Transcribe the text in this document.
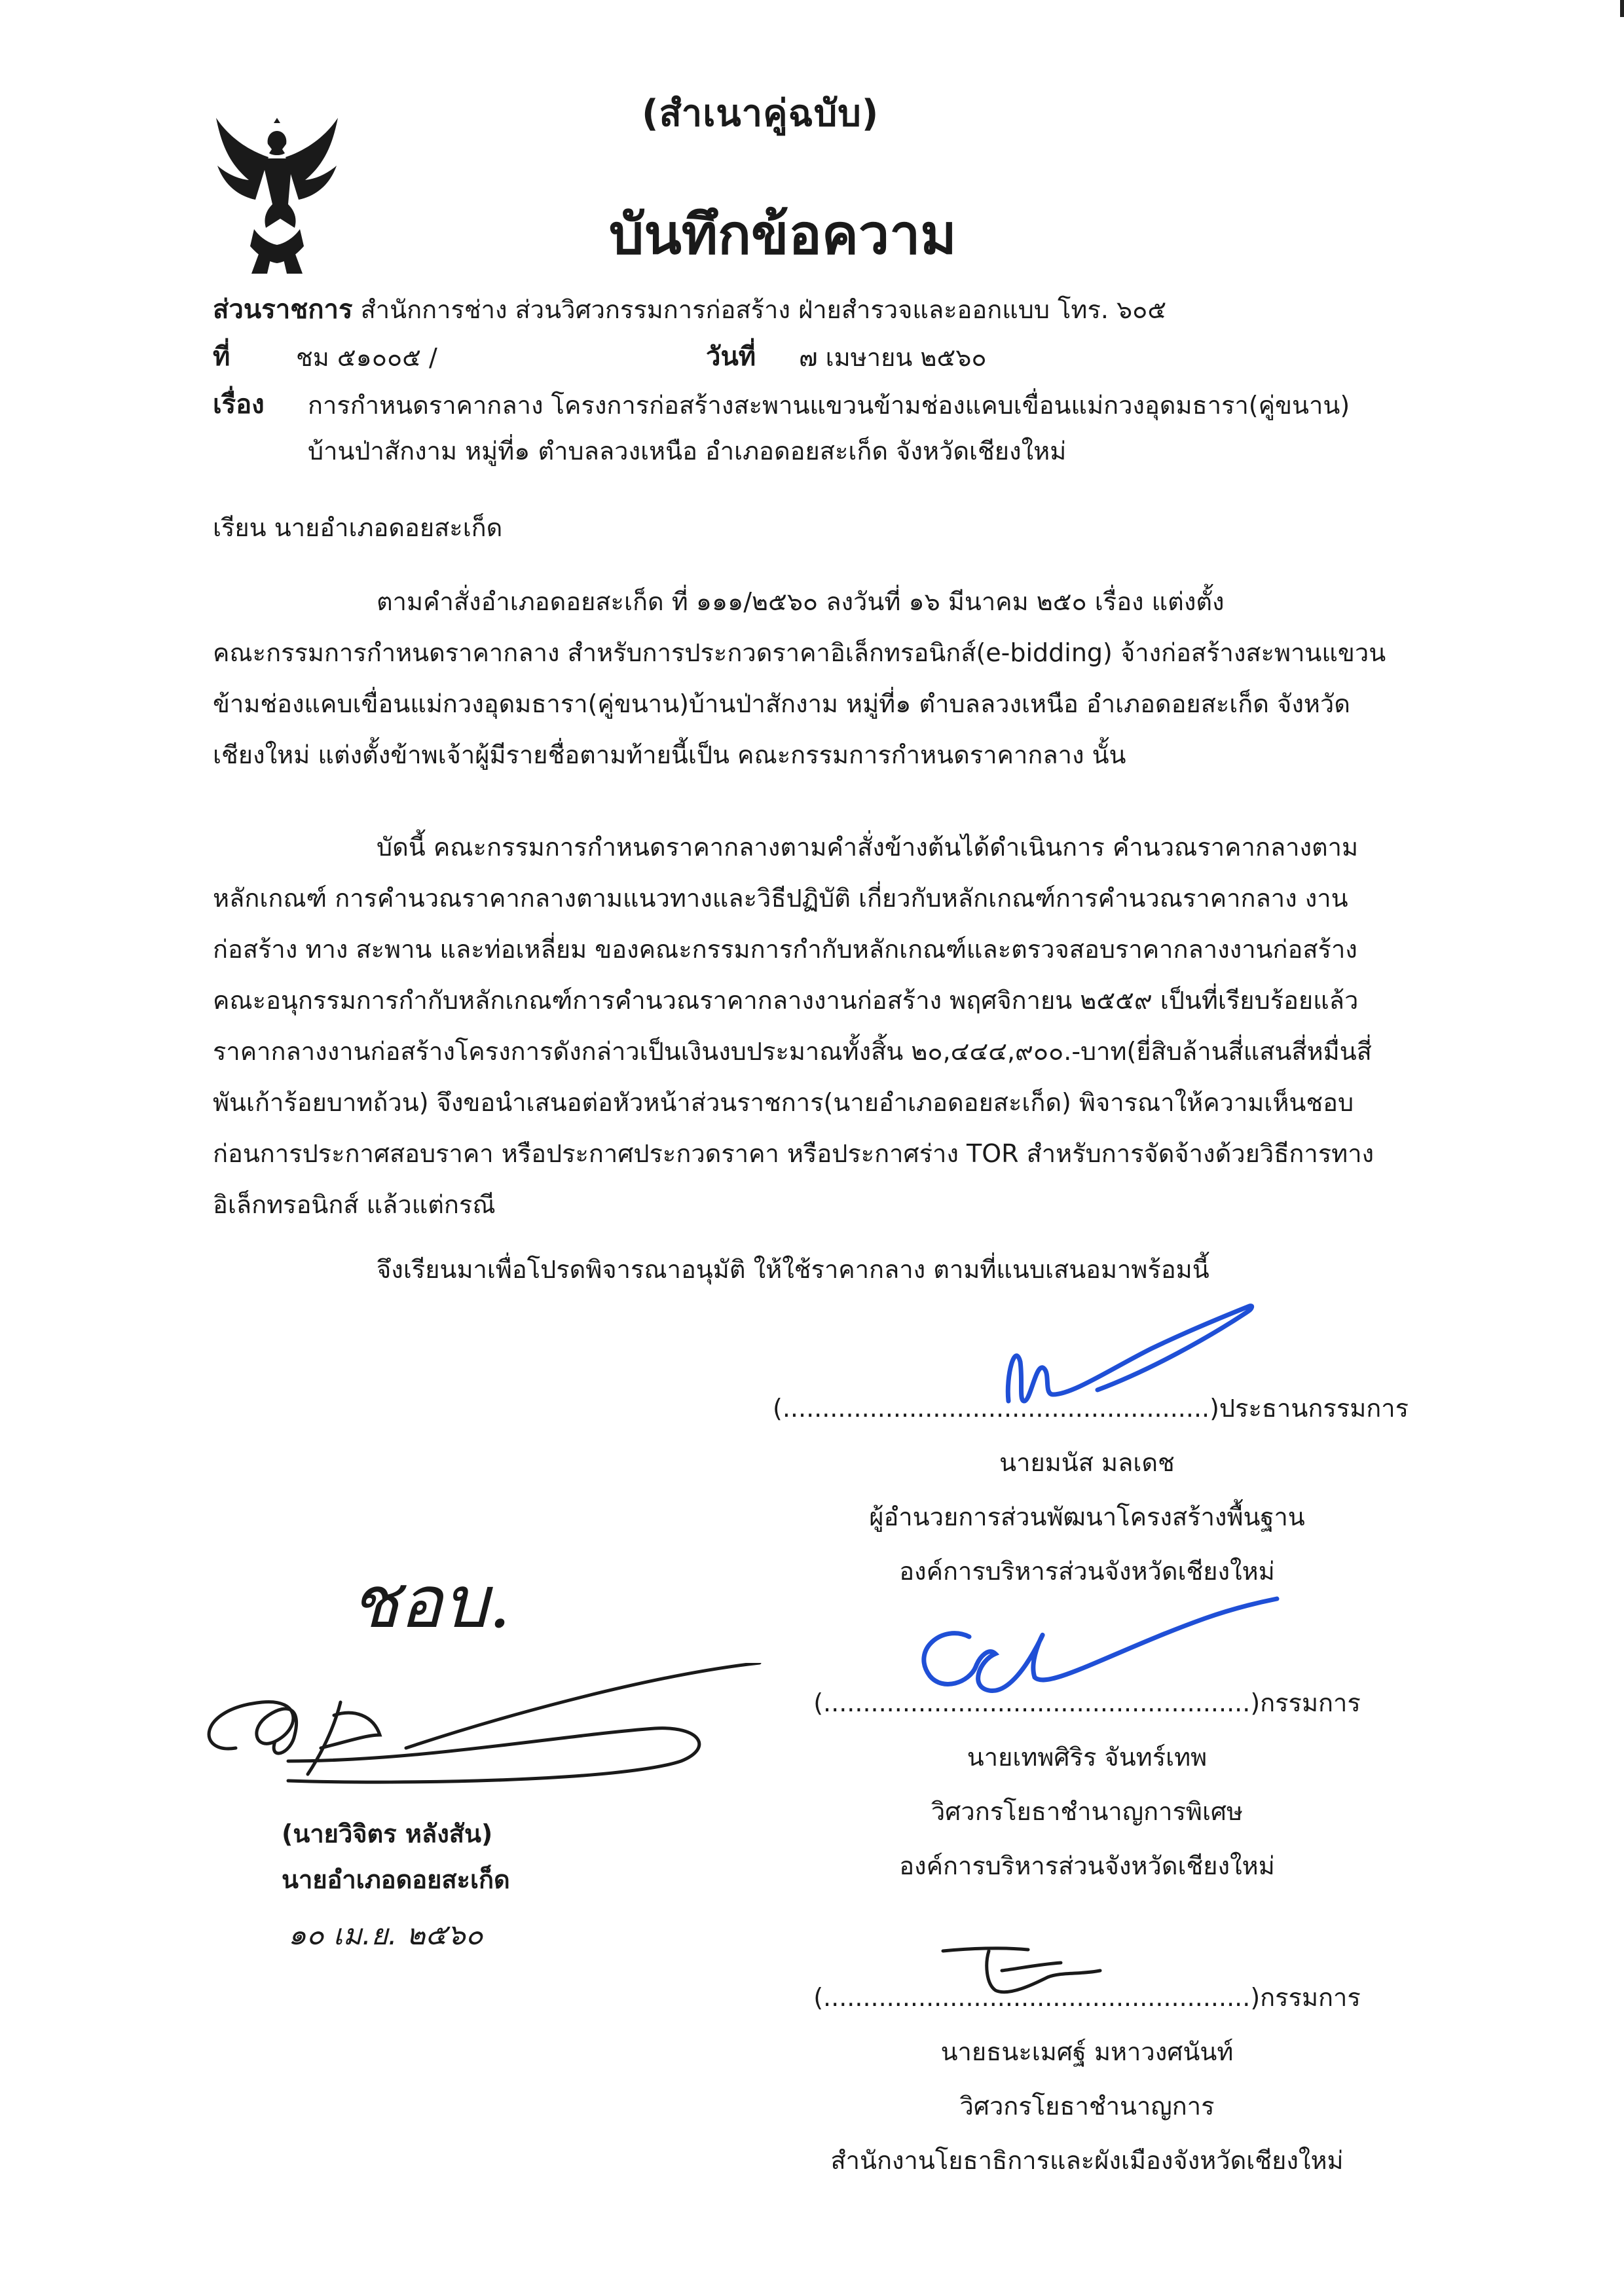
(สำเนาคู่ฉบับ)
บันทึกข้อความ
ส่วนราชการ สำนักการช่าง ส่วนวิศวกรรมการก่อสร้าง ฝ่ายสำรวจและออกแบบ โทร. ๖๐๕
ที่	ชม ๕๑๐๐๕ /	วันที่ ๗ เมษายน ๒๕๖๐
เรื่อง การกำหนดราคากลาง โครงการก่อสร้างสะพานแขวนข้ามช่องแคบเขื่อนแม่กวงอุดมธารา(คู่ขนาน)
บ้านป่าสักงาม หมู่ที่๑ ตำบลลวงเหนือ อำเภอดอยสะเก็ด จังหวัดเชียงใหม่
เรียน นายอำเภอดอยสะเก็ด
ตามคำสั่งอำเภอดอยสะเก็ด ที่ ๑๑๑/๒๕๖๐ ลงวันที่ ๑๖ มีนาคม ๒๕๐ เรื่อง แต่งตั้ง
คณะกรรมการกำหนดราคากลาง สำหรับการประกวดราคาอิเล็กทรอนิกส์(e-bidding) จ้างก่อสร้างสะพานแขวน
ข้ามช่องแคบเขื่อนแม่กวงอุดมธารา(คู่ขนาน)บ้านป่าสักงาม หมู่ที่๑ ตำบลลวงเหนือ อำเภอดอยสะเก็ด จังหวัด
เชียงใหม่ แต่งตั้งข้าพเจ้าผู้มีรายชื่อตามท้ายนี้เป็น คณะกรรมการกำหนดราคากลาง นั้น
บัดนี้ คณะกรรมการกำหนดราคากลางตามคำสั่งข้างต้นได้ดำเนินการ คำนวณราคากลางตาม
หลักเกณฑ์ การคำนวณราคากลางตามแนวทางและวิธีปฏิบัติ เกี่ยวกับหลักเกณฑ์การคำนวณราคากลาง งาน
ก่อสร้าง ทาง สะพาน และท่อเหลี่ยม ของคณะกรรมการกำกับหลักเกณฑ์และตรวจสอบราคากลางงานก่อสร้าง
คณะอนุกรรมการกำกับหลักเกณฑ์การคำนวณราคากลางงานก่อสร้าง พฤศจิกายน ๒๕๕๙ เป็นที่เรียบร้อยแล้ว
ราคากลางงานก่อสร้างโครงการดังกล่าวเป็นเงินงบประมาณทั้งสิ้น ๒๐,๔๔๔,๙๐๐.-บาท(ยี่สิบล้านสี่แสนสี่หมื่นสี่
พันเก้าร้อยบาทถ้วน) จึงขอนำเสนอต่อหัวหน้าส่วนราชการ(นายอำเภอดอยสะเก็ด) พิจารณาให้ความเห็นชอบ
ก่อนการประกาศสอบราคา หรือประกาศประกวดราคา หรือประกาศร่าง TOR สำหรับการจัดจ้างด้วยวิธีการทาง
อิเล็กทรอนิกส์ แล้วแต่กรณี
จึงเรียนมาเพื่อโปรดพิจารณาอนุมัติ ให้ใช้ราคากลาง ตามที่แนบเสนอมาพร้อมนี้
(......................................................)ประธานกรรมการ
นายมนัส มลเดช
ผู้อำนวยการส่วนพัฒนาโครงสร้างพื้นฐาน
องค์การบริหารส่วนจังหวัดเชียงใหม่
(......................................................)กรรมการ
นายเทพศิริร จันทร์เทพ
วิศวกรโยธาชำนาญการพิเศษ
องค์การบริหารส่วนจังหวัดเชียงใหม่
(......................................................)กรรมการ
นายธนะเมศฐ์ มหาวงศนันท์
วิศวกรโยธาชำนาญการ
สำนักงานโยธาธิการและผังเมืองจังหวัดเชียงใหม่
ชอบ.
(นายวิจิตร หลังสัน)
นายอำเภอดอยสะเก็ด
๑๐ เม.ย. ๒๕๖๐
